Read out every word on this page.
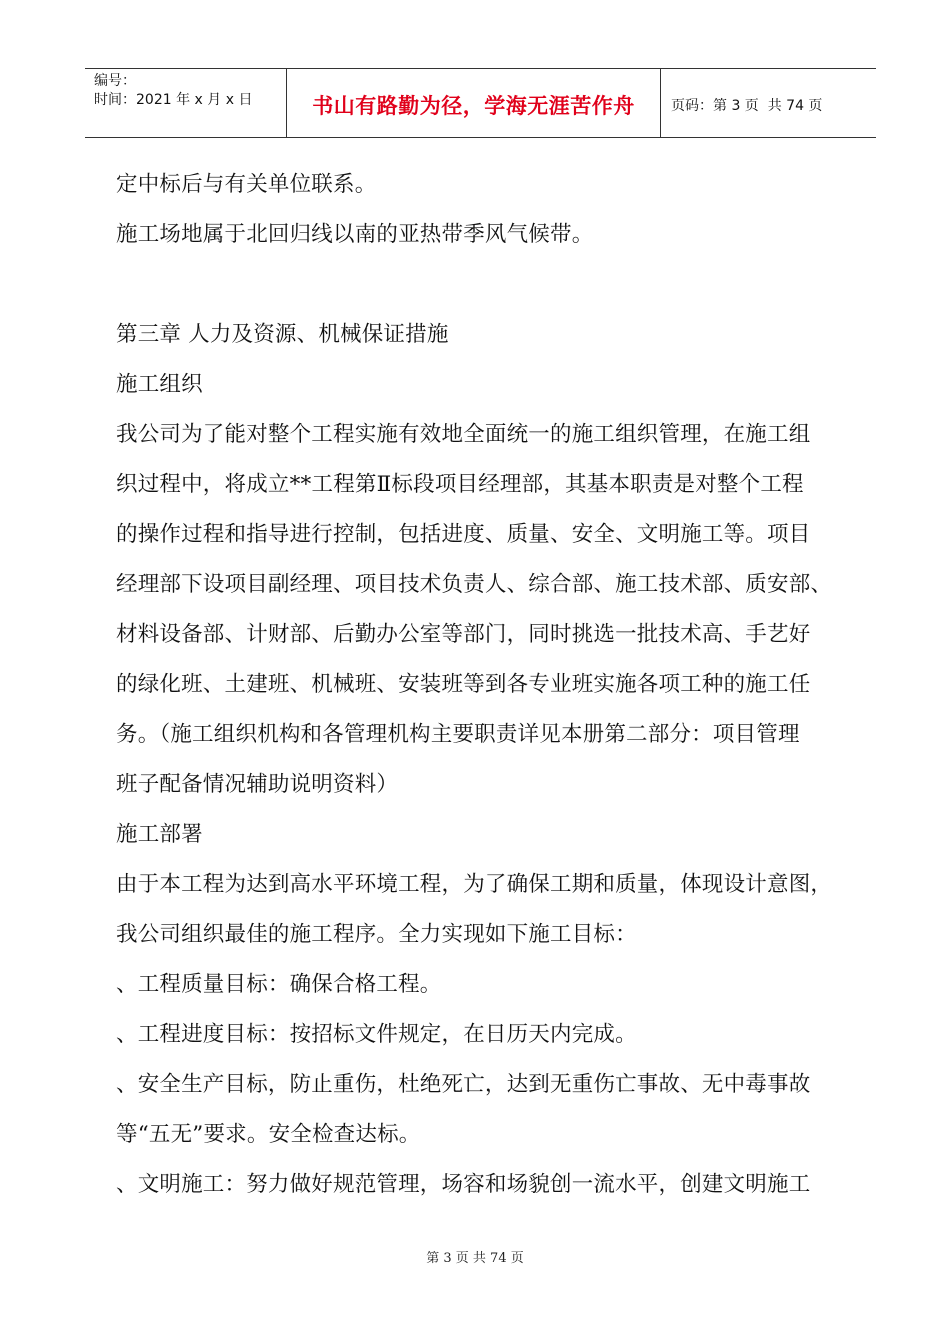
编号：
时间：2021 年 x 月 x 日	书山有路勤为径，学海无涯苦作舟	页码：第 3 页  共 74 页
定中标后与有关单位联系。
施工场地属于北回归线以南的亚热带季风气候带。
第三章 人力及资源、机械保证措施
施工组织
我公司为了能对整个工程实施有效地全面统一的施工组织管理，在施工组
织过程中，将成立**工程第Ⅱ标段项目经理部，其基本职责是对整个工程
的操作过程和指导进行控制，包括进度、质量、安全、文明施工等。项目
经理部下设项目副经理、项目技术负责人、综合部、施工技术部、质安部、
材料设备部、计财部、后勤办公室等部门，同时挑选一批技术高、手艺好
的绿化班、土建班、机械班、安装班等到各专业班实施各项工种的施工任
务。（施工组织机构和各管理机构主要职责详见本册第二部分：项目管理
班子配备情况辅助说明资料）
施工部署
由于本工程为达到高水平环境工程，为了确保工期和质量，体现设计意图，
我公司组织最佳的施工程序。全力实现如下施工目标：
、工程质量目标：确保合格工程。
、工程进度目标：按招标文件规定，在日历天内完成。
、安全生产目标，防止重伤，杜绝死亡，达到无重伤亡事故、无中毒事故
等“五无”要求。安全检查达标。
、文明施工：努力做好规范管理，场容和场貌创一流水平，创建文明施工
第 3 页 共 74 页
